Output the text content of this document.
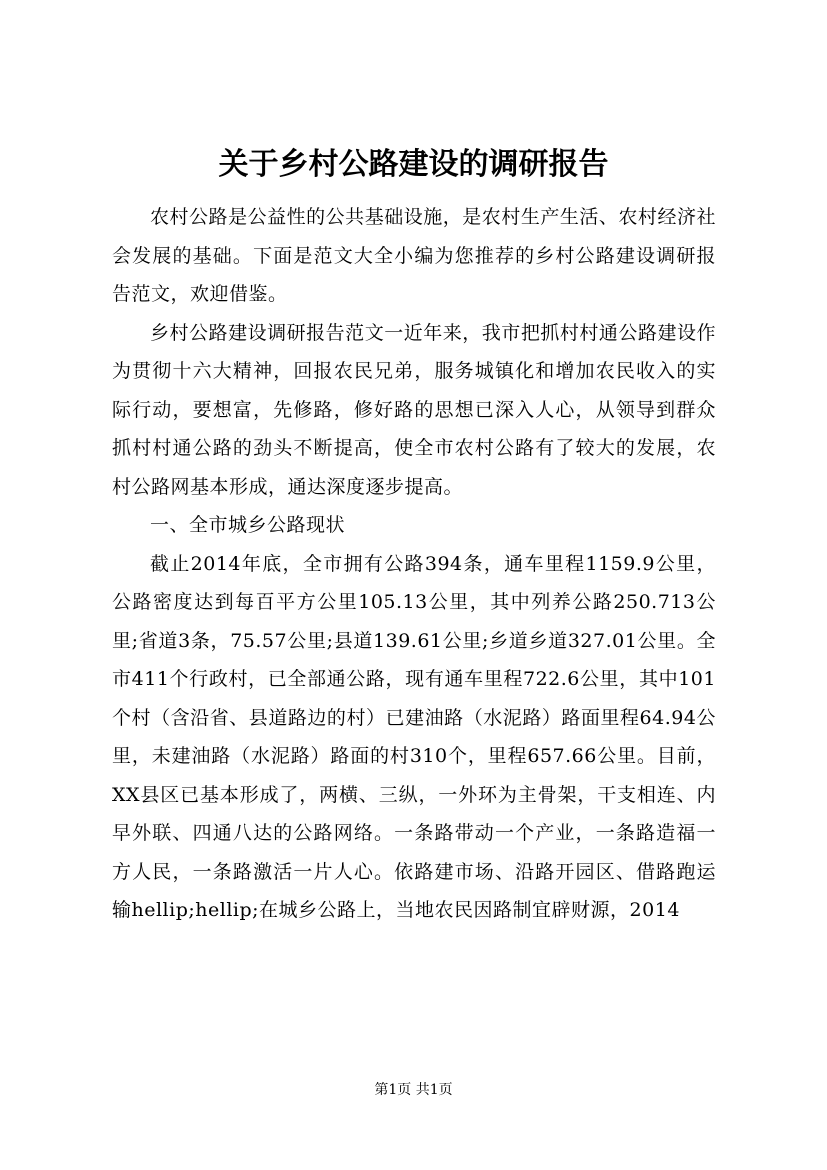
关于乡村公路建设的调研报告

农村公路是公益性的公共基础设施，是农村生产生活、农村经济社会发展的基础。下面是范文大全小编为您推荐的乡村公路建设调研报告范文，欢迎借鉴。

乡村公路建设调研报告范文一近年来，我市把抓村村通公路建设作为贯彻十六大精神，回报农民兄弟，服务城镇化和增加农民收入的实际行动，要想富，先修路，修好路的思想已深入人心，从领导到群众抓村村通公路的劲头不断提高，使全市农村公路有了较大的发展，农村公路网基本形成，通达深度逐步提高。

一、全市城乡公路现状

截止2014年底，全市拥有公路394条，通车里程1159.9公里，公路密度达到每百平方公里105.13公里，其中列养公路250.713公里;省道3条，75.57公里;县道139.61公里;乡道乡道327.01公里。全市411个行政村，已全部通公路，现有通车里程722.6公里，其中101个村（含沿省、县道路边的村）已建油路（水泥路）路面里程64.94公里，未建油路（水泥路）路面的村310个，里程657.66公里。目前，XX县区已基本形成了，两横、三纵，一外环为主骨架，干支相连、内早外联、四通八达的公路网络。一条路带动一个产业，一条路造福一方人民，一条路激活一片人心。依路建市场、沿路开园区、借路跑运输hellip;hellip;在城乡公路上，当地农民因路制宜辟财源，2014

第1页 共1页
